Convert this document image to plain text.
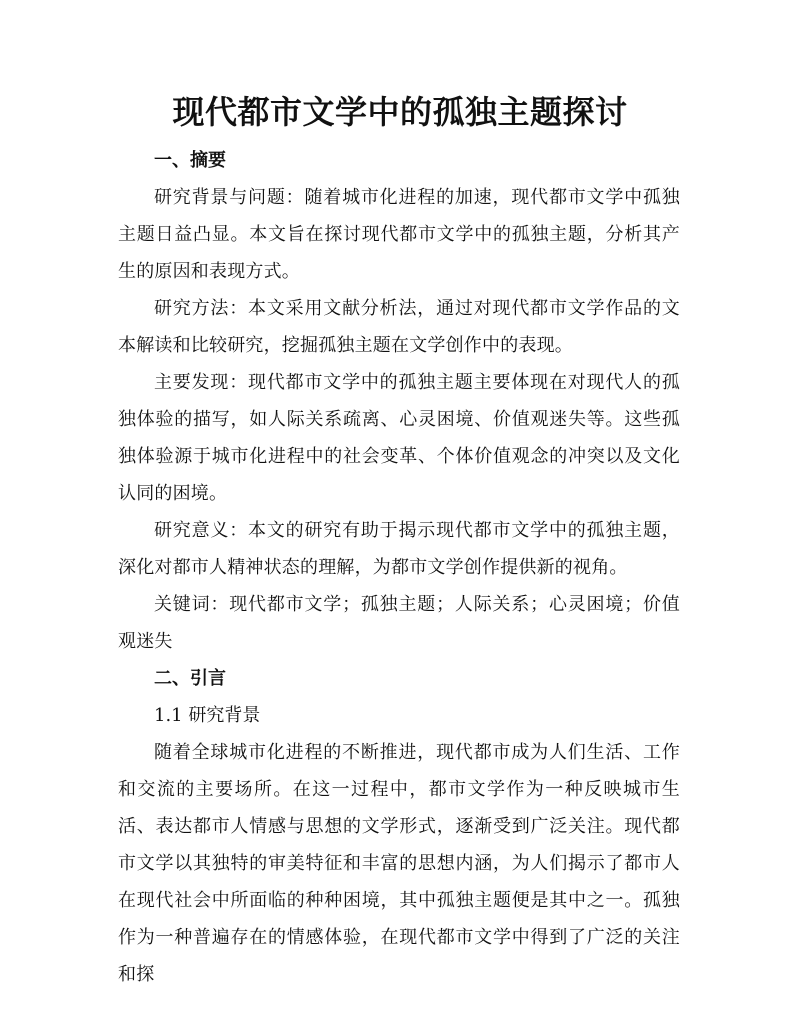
现代都市文学中的孤独主题探讨
一、摘要

研究背景与问题：随着城市化进程的加速，现代都市文学中孤独主题日益凸显。本文旨在探讨现代都市文学中的孤独主题，分析其产生的原因和表现方式。

研究方法：本文采用文献分析法，通过对现代都市文学作品的文本解读和比较研究，挖掘孤独主题在文学创作中的表现。

主要发现：现代都市文学中的孤独主题主要体现在对现代人的孤独体验的描写，如人际关系疏离、心灵困境、价值观迷失等。这些孤独体验源于城市化进程中的社会变革、个体价值观念的冲突以及文化认同的困境。

研究意义：本文的研究有助于揭示现代都市文学中的孤独主题，深化对都市人精神状态的理解，为都市文学创作提供新的视角。

关键词：现代都市文学；孤独主题；人际关系；心灵困境；价值观迷失

二、引言

1.1 研究背景

随着全球城市化进程的不断推进，现代都市成为人们生活、工作和交流的主要场所。在这一过程中，都市文学作为一种反映城市生活、表达都市人情感与思想的文学形式，逐渐受到广泛关注。现代都市文学以其独特的审美特征和丰富的思想内涵，为人们揭示了都市人在现代社会中所面临的种种困境，其中孤独主题便是其中之一。孤独作为一种普遍存在的情感体验，在现代都市文学中得到了广泛的关注和探
